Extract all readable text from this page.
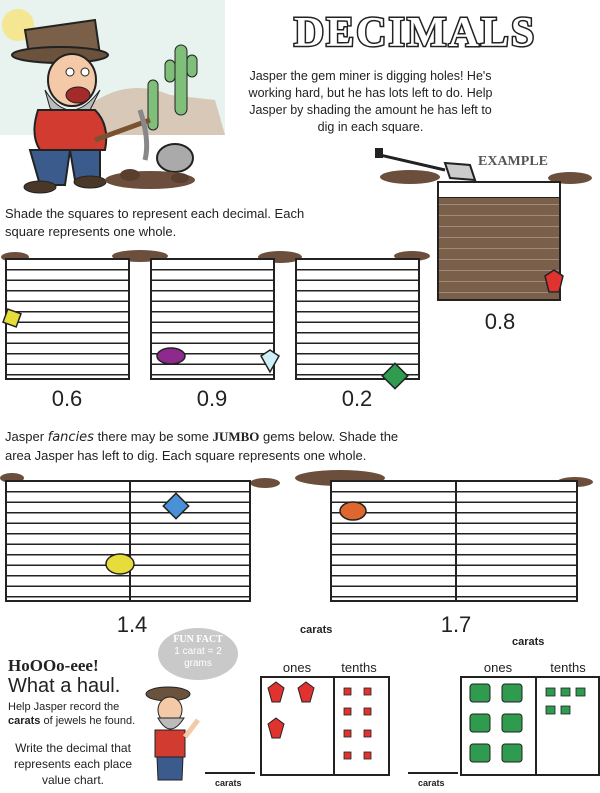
DECIMALS
Jasper the gem miner is digging holes! He's working hard, but he has lots left to do. Help Jasper by shading the amount he has left to dig in each square.
EXAMPLE
0.8
Shade the squares to represent each decimal. Each square represents one whole.
0.6	0.9	0.2
Jasper fancies there may be some JUMBO gems below. Shade the area Jasper has left to dig. Each square represents one whole.
1.4	1.7
HoOOo-eee!
What a haul.
Help Jasper record the carats of jewels he found.
Write the decimal that represents each place value chart.
FUN FACT
1 carat = 2 grams
carats
carats
ones	tenths	ones	tenths
carats	carats
